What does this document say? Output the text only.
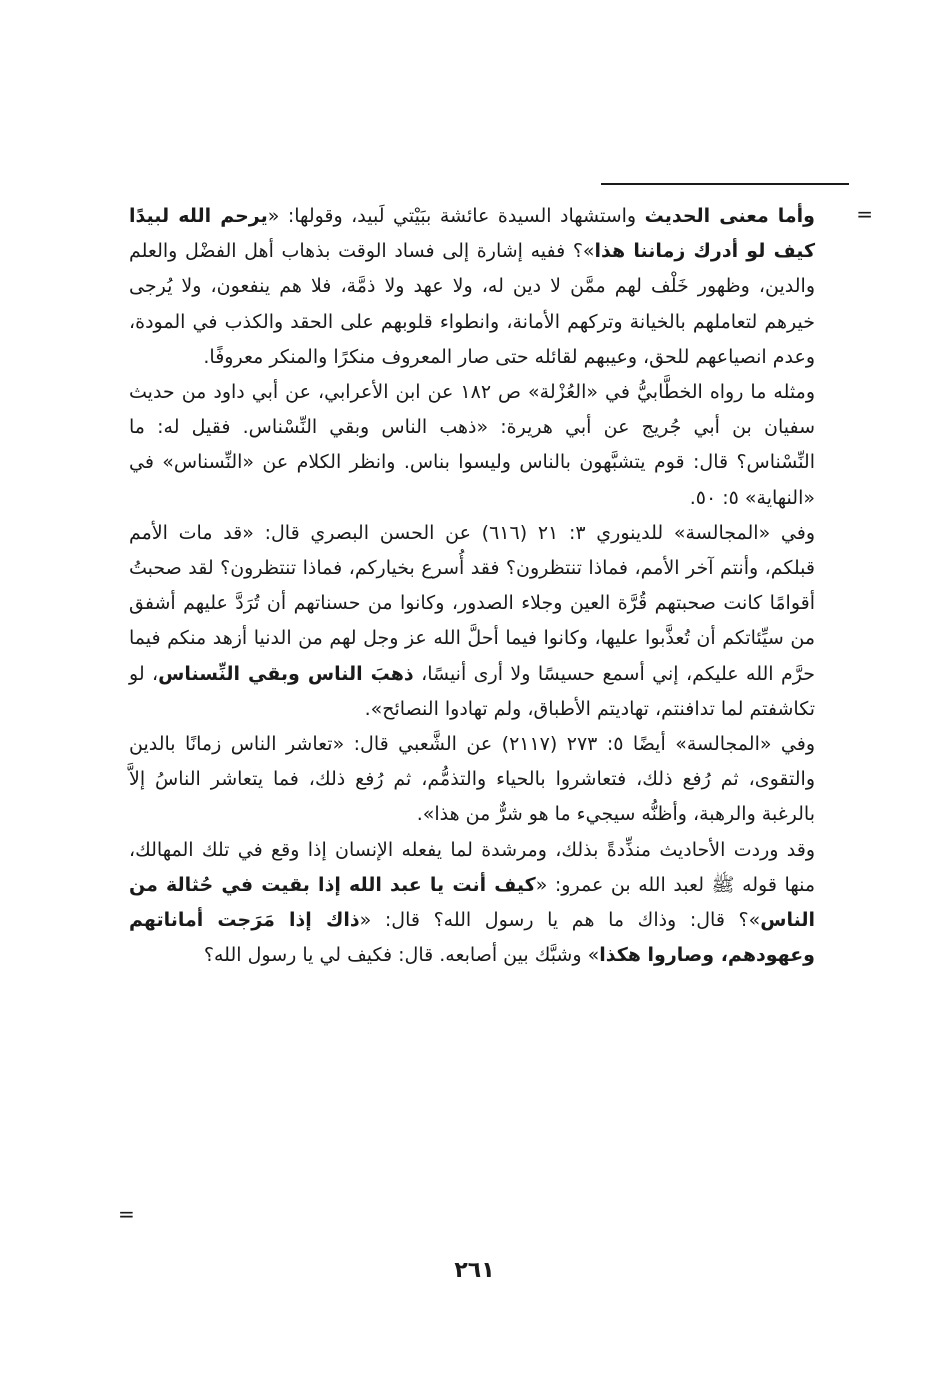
=

وأما معنى الحديث واستشهاد السيدة عائشة ببَيْتي لَبيد، وقولها: «يرحم الله لبيدًا كيف لو أدرك زماننا هذا»؟ ففيه إشارة إلى فساد الوقت بذهاب أهل الفضْل والعلم والدين، وظهور خَلْف لهم ممَّن لا دين له، ولا عهد ولا ذمَّة، فلا هم ينفعون، ولا يُرجى خيرهم لتعاملهم بالخيانة وتركهم الأمانة، وانطواء قلوبهم على الحقد والكذب في المودة، وعدم انصياعهم للحق، وعيبهم لقائله حتى صار المعروف منكرًا والمنكر معروفًا.

ومثله ما رواه الخطَّابيُّ في «العُزْلة» ص ١٨٢ عن ابن الأعرابي، عن أبي داود من حديث سفيان بن أبي جُريج عن أبي هريرة: «ذهب الناس وبقي النِّسْناس. فقيل له: ما النِّسْناس؟ قال: قوم يتشبَّهون بالناس وليسوا بناس. وانظر الكلام عن «النِّسناس» في «النهاية» ٥: ٥٠.

وفي «المجالسة» للدينوري ٣: ٢١ (٦١٦) عن الحسن البصري قال: «قد مات الأمم قبلكم، وأنتم آخر الأمم، فماذا تنتظرون؟ فقد أُسرع بخياركم، فماذا تنتظرون؟ لقد صحبتُ أقوامًا كانت صحبتهم قُرَّة العين وجلاء الصدور، وكانوا من حسناتهم أن تُرَدَّ عليهم أشفق من سيِّئاتكم أن تُعذَّبوا عليها، وكانوا فيما أحلَّ الله عز وجل لهم من الدنيا أزهد منكم فيما حرَّم الله عليكم، إني أسمع حسيسًا ولا أرى أنيسًا، ذهبَ الناس وبقي النِّسناس، لو تكاشفتم لما تدافنتم، تهاديتم الأطباق، ولم تهادوا النصائح».

وفي «المجالسة» أيضًا ٥: ٢٧٣ (٢١١٧) عن الشَّعبي قال: «تعاشر الناس زمانًا بالدين والتقوى، ثم رُفع ذلك، فتعاشروا بالحياء والتذمُّم، ثم رُفع ذلك، فما يتعاشر الناسُ إلاَّ بالرغبة والرهبة، وأظنُّه سيجيء ما هو شرٌّ من هذا».

وقد وردت الأحاديث منذِّدةً بذلك، ومرشدة لما يفعله الإنسان إذا وقع في تلك المهالك، منها قوله ﷺ لعبد الله بن عمرو: «كيف أنت يا عبد الله إذا بقيت في حُثالة من الناس»؟ قال: وذاك ما هم يا رسول الله؟ قال: «ذاك إذا مَرَجت أماناتهم وعهودهم، وصاروا هكذا» وشبَّك بين أصابعه. قال: فكيف لي يا رسول الله؟

=
٢٦١
